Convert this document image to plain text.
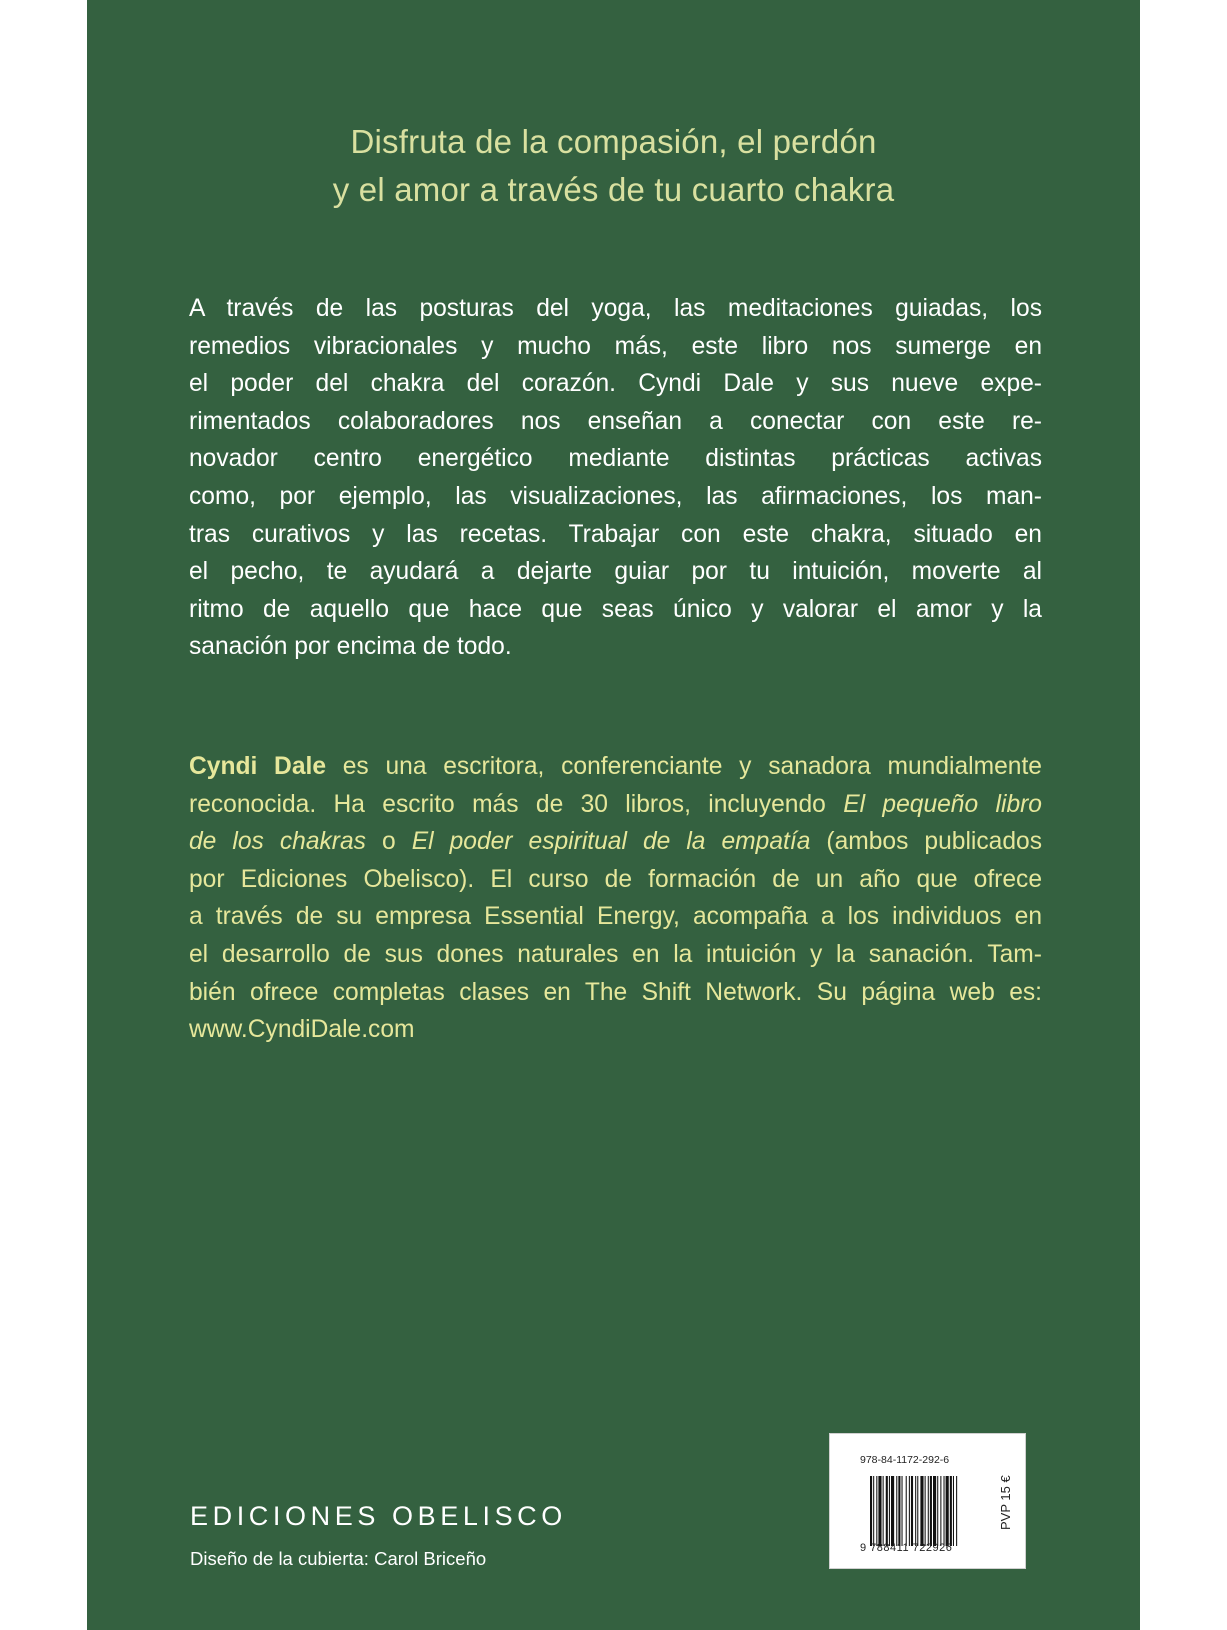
Disfruta de la compasión, el perdón
y el amor a través de tu cuarto chakra
A través de las posturas del yoga, las meditaciones guiadas, los
remedios vibracionales y mucho más, este libro nos sumerge en
el poder del chakra del corazón. Cyndi Dale y sus nueve expe-
rimentados colaboradores nos enseñan a conectar con este re-
novador centro energético mediante distintas prácticas activas
como, por ejemplo, las visualizaciones, las afirmaciones, los man-
tras curativos y las recetas. Trabajar con este chakra, situado en
el pecho, te ayudará a dejarte guiar por tu intuición, moverte al
ritmo de aquello que hace que seas único y valorar el amor y la
sanación por encima de todo.
Cyndi Dale es una escritora, conferenciante y sanadora mundialmente
reconocida. Ha escrito más de 30 libros, incluyendo El pequeño libro
de los chakras o El poder espiritual de la empatía (ambos publicados
por Ediciones Obelisco). El curso de formación de un año que ofrece
a través de su empresa Essential Energy, acompaña a los individuos en
el desarrollo de sus dones naturales en la intuición y la sanación. Tam-
bién ofrece completas clases en The Shift Network. Su página web es:
www.CyndiDale.com
EDICIONES OBELISCO
Diseño de la cubierta: Carol Briceño
978-84-1172-292-6
9 788411 722926
PVP 15 €
